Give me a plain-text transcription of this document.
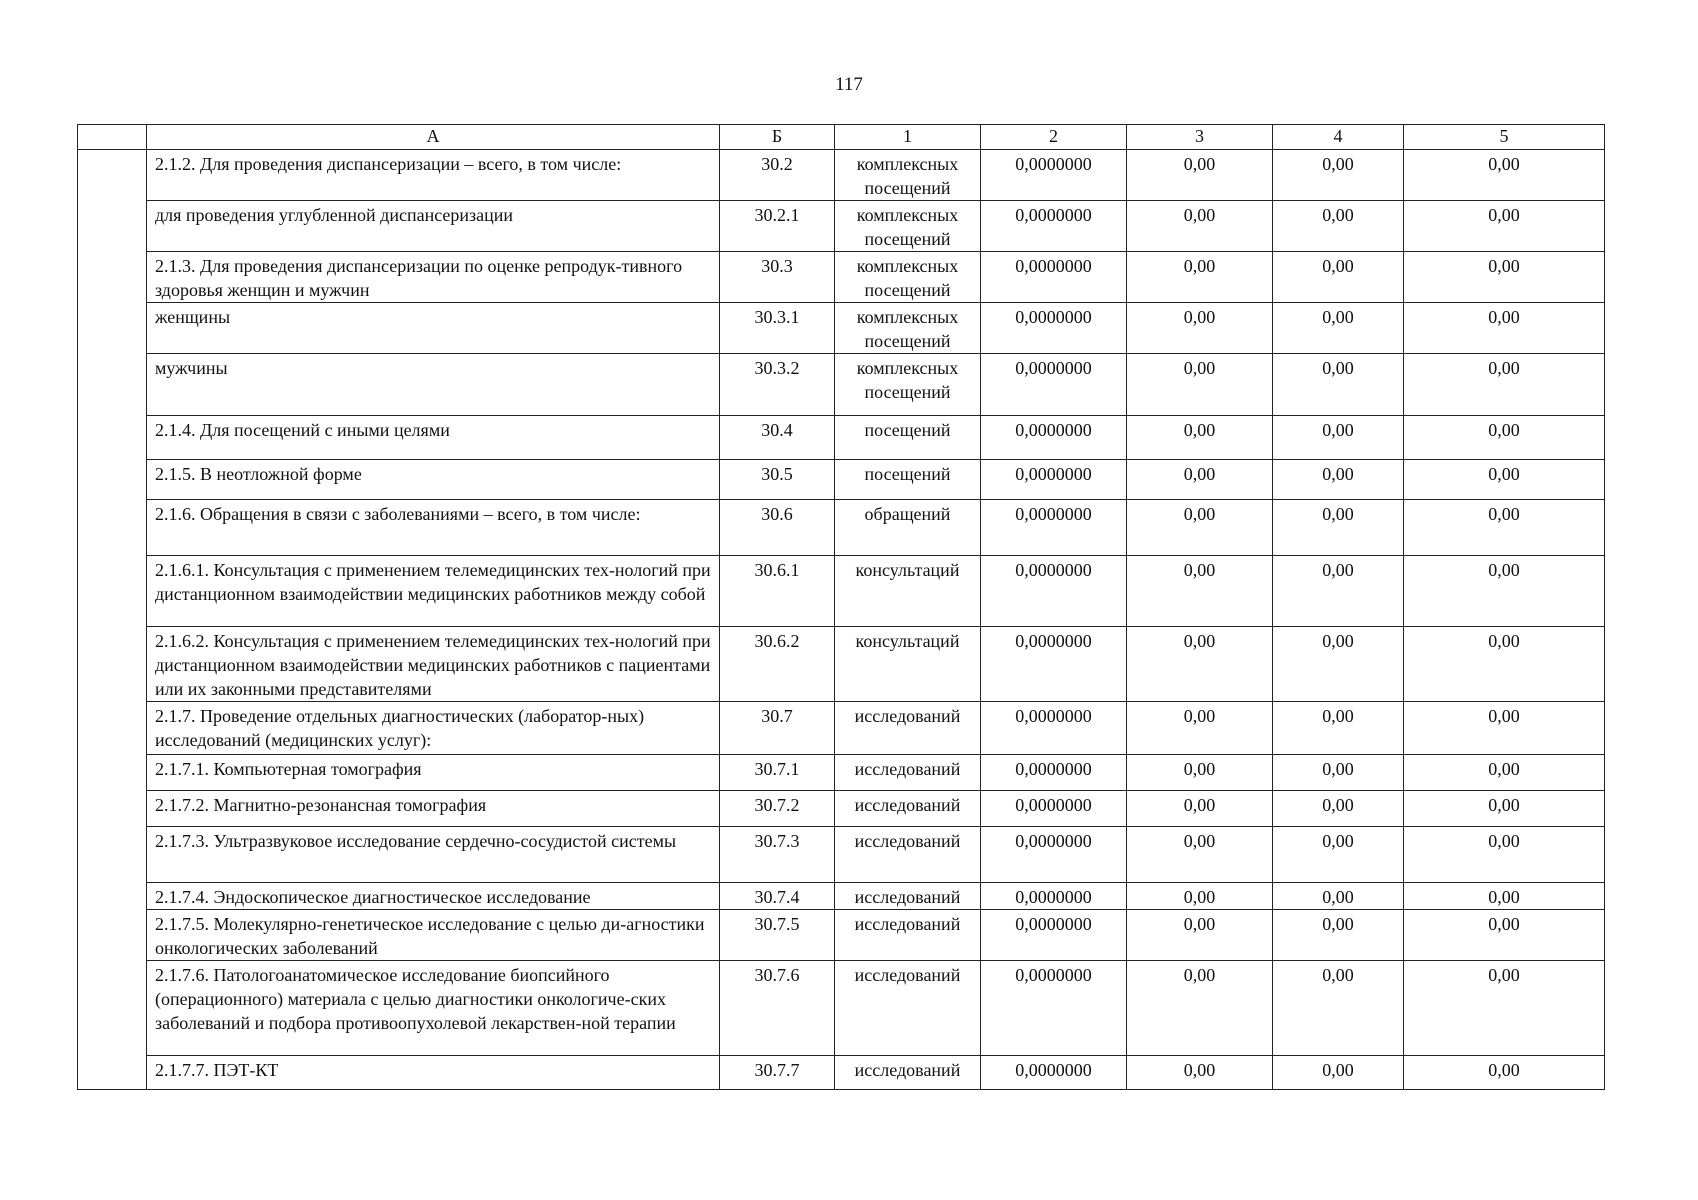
117
	А	Б	1	2	3	4	5
	2.1.2. Для проведения диспансеризации – всего, в том числе:	30.2	комплексных посещений	0,0000000	0,00	0,00	0,00
	для проведения углубленной диспансеризации	30.2.1	комплексных посещений	0,0000000	0,00	0,00	0,00
	2.1.3. Для проведения диспансеризации по оценке репродук-тивного здоровья женщин и мужчин	30.3	комплексных посещений	0,0000000	0,00	0,00	0,00
	женщины	30.3.1	комплексных посещений	0,0000000	0,00	0,00	0,00
	мужчины	30.3.2	комплексных посещений	0,0000000	0,00	0,00	0,00
	2.1.4. Для посещений с иными целями	30.4	посещений	0,0000000	0,00	0,00	0,00
	2.1.5. В неотложной форме	30.5	посещений	0,0000000	0,00	0,00	0,00
	2.1.6. Обращения в связи с заболеваниями – всего, в том числе:	30.6	обращений	0,0000000	0,00	0,00	0,00
	2.1.6.1. Консультация с применением телемедицинских тех-нологий при дистанционном взаимодействии медицинских работников между собой	30.6.1	консультаций	0,0000000	0,00	0,00	0,00
	2.1.6.2. Консультация с применением телемедицинских тех-нологий при дистанционном взаимодействии медицинских работников с пациентами или их законными представителями	30.6.2	консультаций	0,0000000	0,00	0,00	0,00
	2.1.7. Проведение отдельных диагностических (лаборатор-ных) исследований (медицинских услуг):	30.7	исследований	0,0000000	0,00	0,00	0,00
	2.1.7.1. Компьютерная томография	30.7.1	исследований	0,0000000	0,00	0,00	0,00
	2.1.7.2. Магнитно-резонансная томография	30.7.2	исследований	0,0000000	0,00	0,00	0,00
	2.1.7.3. Ультразвуковое исследование сердечно-сосудистой системы	30.7.3	исследований	0,0000000	0,00	0,00	0,00
	2.1.7.4. Эндоскопическое диагностическое исследование	30.7.4	исследований	0,0000000	0,00	0,00	0,00
	2.1.7.5. Молекулярно-генетическое исследование с целью ди-агностики онкологических заболеваний	30.7.5	исследований	0,0000000	0,00	0,00	0,00
	2.1.7.6. Патологоанатомическое исследование биопсийного (операционного) материала с целью диагностики онкологиче-ских заболеваний и подбора противоопухолевой лекарствен-ной терапии	30.7.6	исследований	0,0000000	0,00	0,00	0,00
	2.1.7.7. ПЭТ-КТ	30.7.7	исследований	0,0000000	0,00	0,00	0,00
